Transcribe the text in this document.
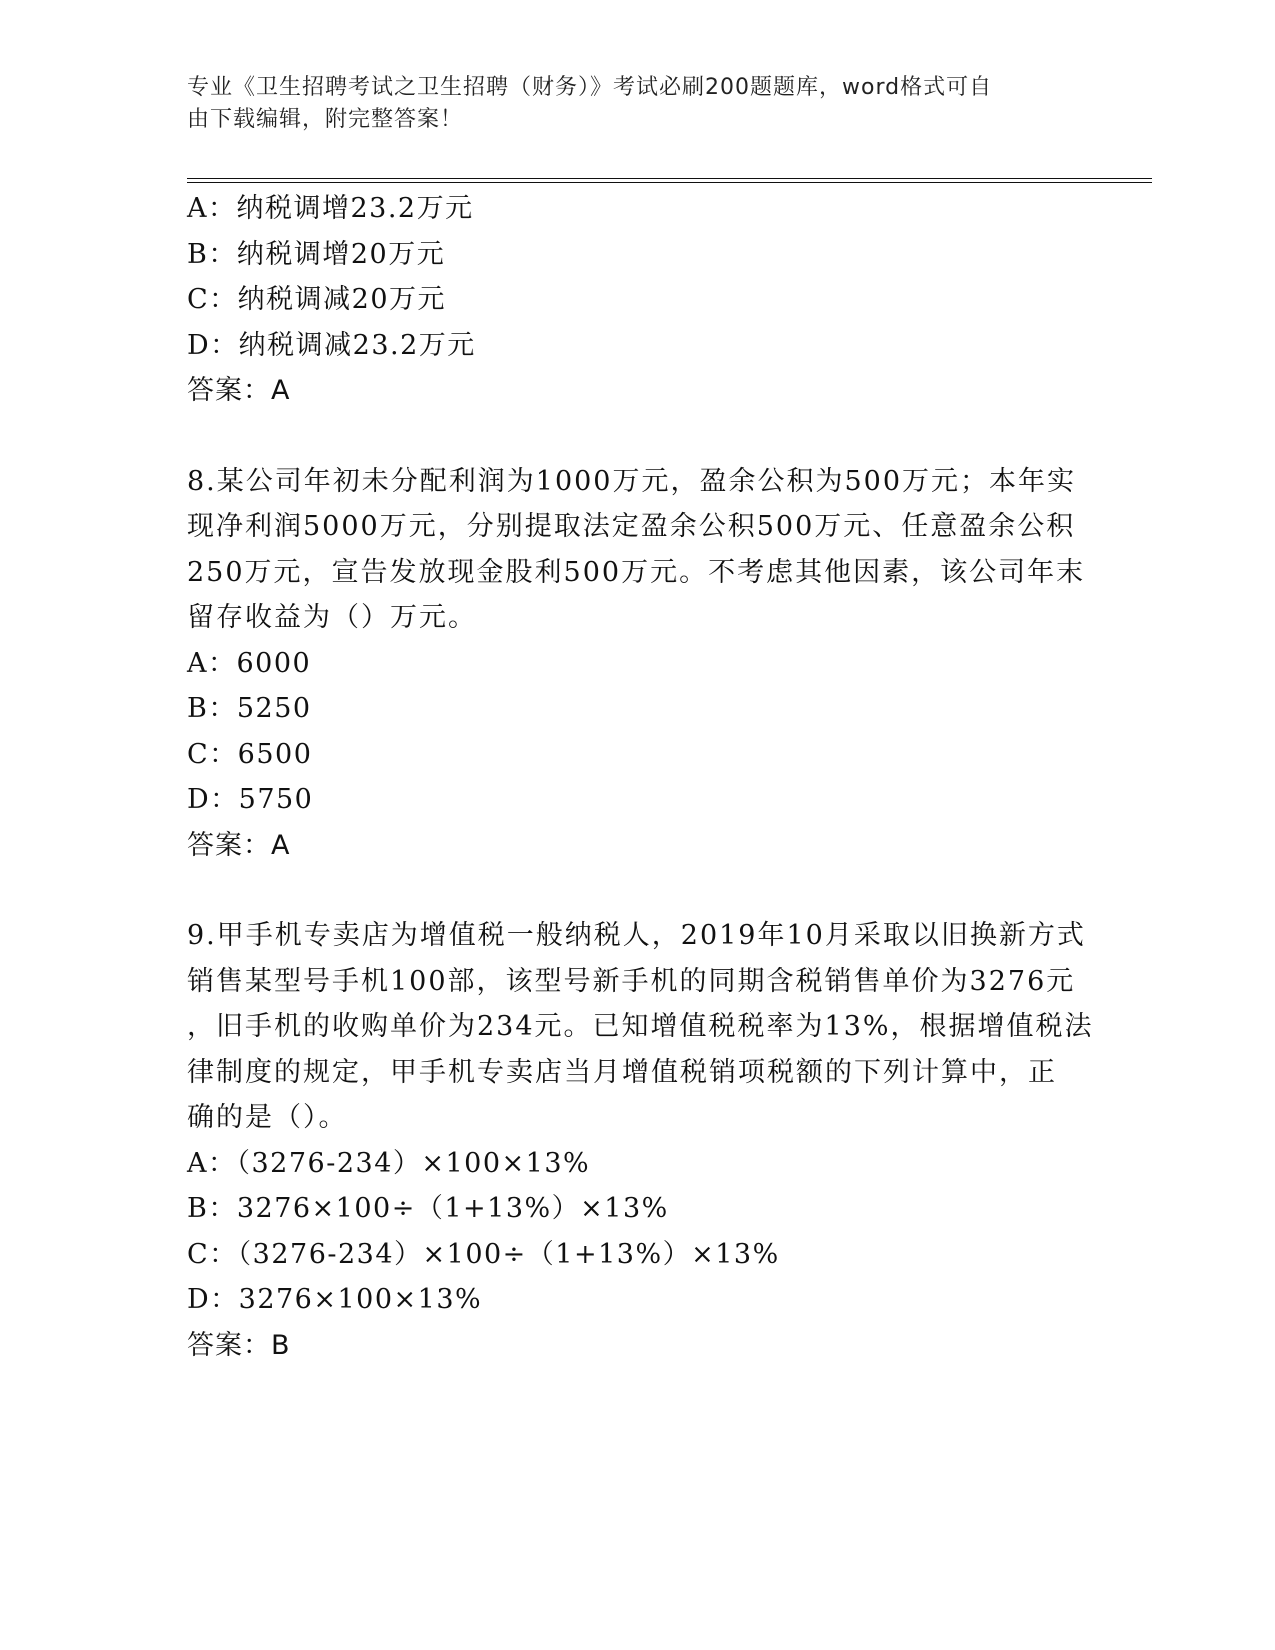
专业《卫生招聘考试之卫生招聘（财务）》考试必刷200题题库，word格式可自
由下载编辑，附完整答案！
A：纳税调增23.2万元
B：纳税调增20万元
C：纳税调减20万元
D：纳税调减23.2万元
答案：A
8.某公司年初未分配利润为1000万元，盈余公积为500万元；本年实
现净利润5000万元，分别提取法定盈余公积500万元、任意盈余公积
250万元，宣告发放现金股利500万元。不考虑其他因素，该公司年末
留存收益为（）万元。
A：6000
B：5250
C：6500
D：5750
答案：A
9.甲手机专卖店为增值税一般纳税人，2019年10月采取以旧换新方式
销售某型号手机100部，该型号新手机的同期含税销售单价为3276元
，旧手机的收购单价为234元。已知增值税税率为13%，根据增值税法
律制度的规定，甲手机专卖店当月增值税销项税额的下列计算中，正
确的是（）。
A：（3276-234）×100×13%
B：3276×100÷（1+13%）×13%
C：（3276-234）×100÷（1+13%）×13%
D：3276×100×13%
答案：B
